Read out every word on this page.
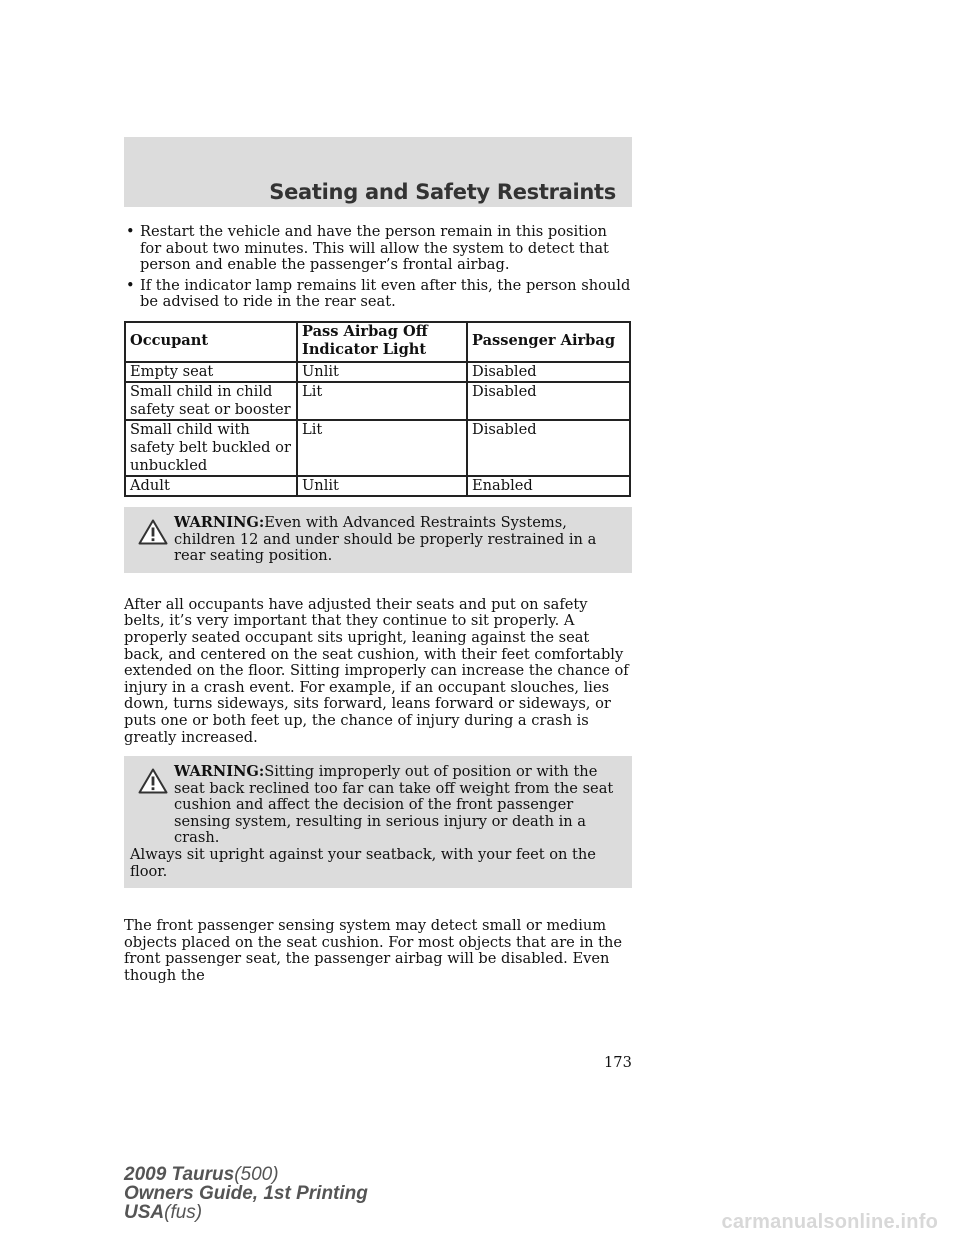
Seating and Safety Restraints
• Restart the vehicle and have the person remain in this position for about two minutes. This will allow the system to detect that person and enable the passenger’s frontal airbag.
• If the indicator lamp remains lit even after this, the person should be advised to ride in the rear seat.
Occupant	Pass Airbag Off Indicator Light	Passenger Airbag
Empty seat	Unlit	Disabled
Small child in child safety seat or booster	Lit	Disabled
Small child with safety belt buckled or unbuckled	Lit	Disabled
Adult	Unlit	Enabled
WARNING:Even with Advanced Restraints Systems, children 12 and under should be properly restrained in a rear seating position.

After all occupants have adjusted their seats and put on safety belts, it’s very important that they continue to sit properly. A properly seated occupant sits upright, leaning against the seat back, and centered on the seat cushion, with their feet comfortably extended on the floor. Sitting improperly can increase the chance of injury in a crash event. For example, if an occupant slouches, lies down, turns sideways, sits forward, leans forward or sideways, or puts one or both feet up, the chance of injury during a crash is greatly increased.

WARNING:Sitting improperly out of position or with the seat back reclined too far can take off weight from the seat cushion and affect the decision of the front passenger sensing system, resulting in serious injury or death in a crash.
Always sit upright against your seatback, with your feet on the floor.

The front passenger sensing system may detect small or medium objects placed on the seat cushion. For most objects that are in the front passenger seat, the passenger airbag will be disabled. Even though the

173
2009 Taurus(500)
Owners Guide, 1st Printing
USA(fus)	carmanualsonline.info
